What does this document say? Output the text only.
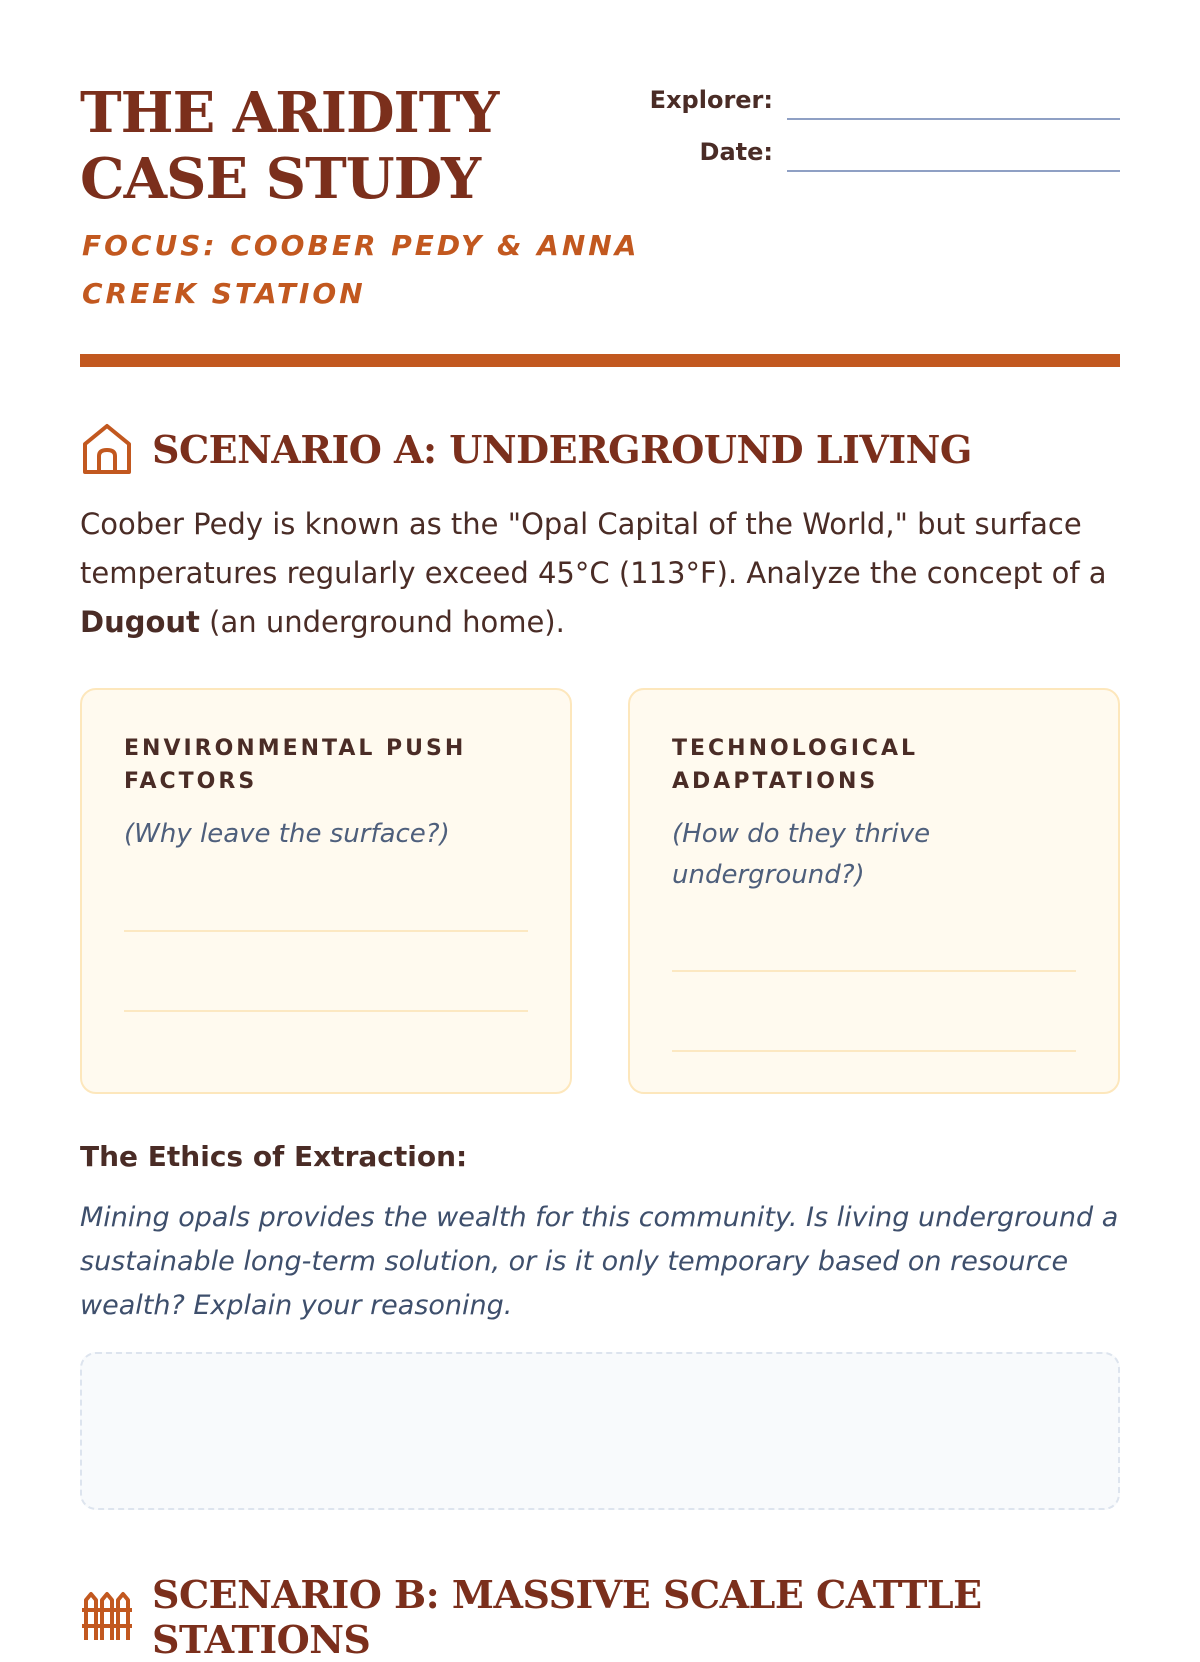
THE ARIDITY CASE STUDY
FOCUS: COOBER PEDY & ANNA CREEK STATION
Explorer:
Date:
SCENARIO A: UNDERGROUND LIVING

Coober Pedy is known as the "Opal Capital of the World," but surface temperatures regularly exceed 45°C (113°F). Analyze the concept of a Dugout (an underground home).

ENVIRONMENTAL PUSH FACTORS
(Why leave the surface?)
TECHNOLOGICAL ADAPTATIONS
(How do they thrive underground?)
The Ethics of Extraction:

Mining opals provides the wealth for this community. Is living underground a sustainable long-term solution, or is it only temporary based on resource wealth? Explain your reasoning.

SCENARIO B: MASSIVE SCALE CATTLE STATIONS
